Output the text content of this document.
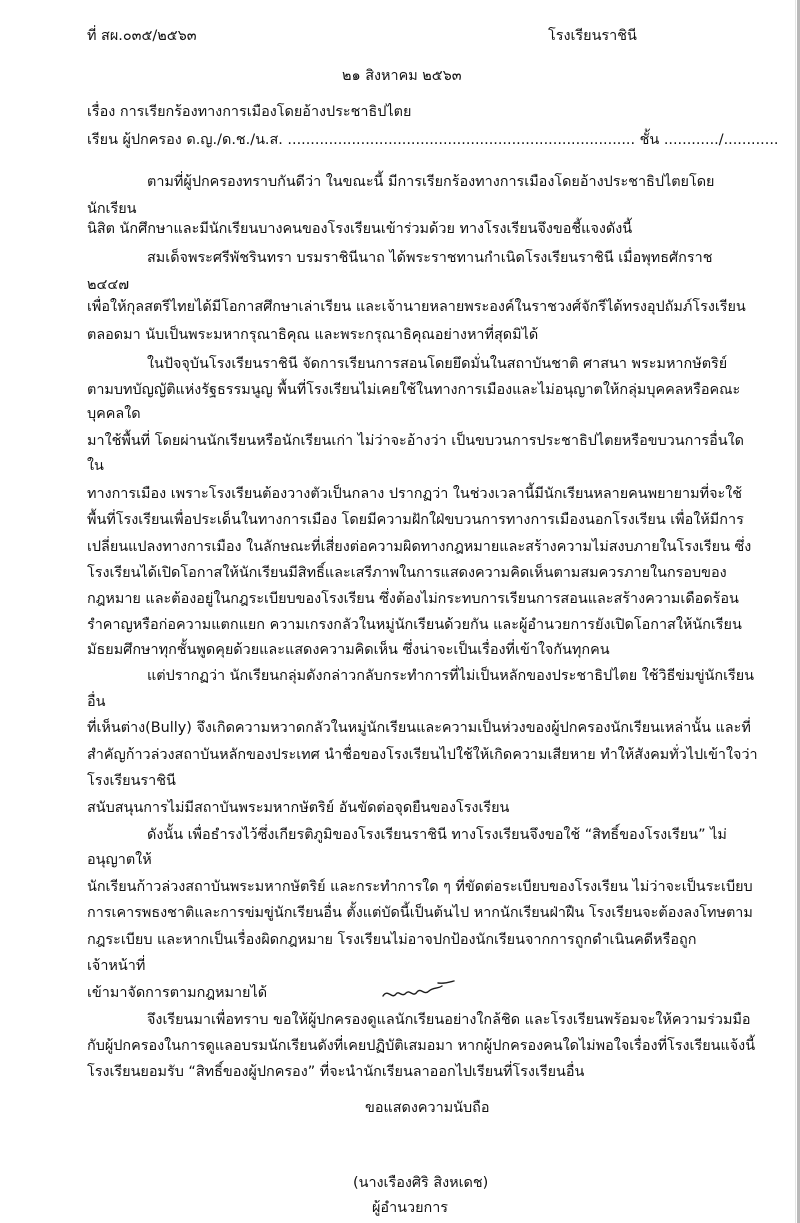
ที่ สผ.๐๓๕/๒๕๖๓	โรงเรียนราชินี
๒๑ สิงหาคม ๒๕๖๓
เรื่อง การเรียกร้องทางการเมืองโดยอ้างประชาธิปไตย
เรียน ผู้ปกครอง ด.ญ./ด.ช./น.ส. ............................................................................ ชั้น ............/............
ตามที่ผู้ปกครองทราบกันดีว่า ในขณะนี้ มีการเรียกร้องทางการเมืองโดยอ้างประชาธิปไตยโดย
นักเรียน
นิสิต นักศึกษาและมีนักเรียนบางคนของโรงเรียนเข้าร่วมด้วย ทางโรงเรียนจึงขอชี้แจงดังนี้
สมเด็จพระศรีพัชรินทรา บรมราชินีนาถ ได้พระราชทานกำเนิดโรงเรียนราชินี เมื่อพุทธศักราช
๒๔๔๗
เพื่อให้กุลสตรีไทยได้มีโอกาสศึกษาเล่าเรียน และเจ้านายหลายพระองค์ในราชวงศ์จักรีได้ทรงอุปถัมภ์โรงเรียน
ตลอดมา นับเป็นพระมหากรุณาธิคุณ และพระกรุณาธิคุณอย่างหาที่สุดมิได้
ในปัจจุบันโรงเรียนราชินี จัดการเรียนการสอนโดยยึดมั่นในสถาบันชาติ ศาสนา พระมหากษัตริย์
ตามบทบัญญัติแห่งรัฐธรรมนูญ พื้นที่โรงเรียนไม่เคยใช้ในทางการเมืองและไม่อนุญาตให้กลุ่มบุคคลหรือคณะ
บุคคลใด
มาใช้พื้นที่ โดยผ่านนักเรียนหรือนักเรียนเก่า ไม่ว่าจะอ้างว่า เป็นขบวนการประชาธิปไตยหรือขบวนการอื่นใด
ใน
ทางการเมือง เพราะโรงเรียนต้องวางตัวเป็นกลาง ปรากฏว่า ในช่วงเวลานี้มีนักเรียนหลายคนพยายามที่จะใช้
พื้นที่โรงเรียนเพื่อประเด็นในทางการเมือง โดยมีความฝักใฝ่ขบวนการทางการเมืองนอกโรงเรียน เพื่อให้มีการ
เปลี่ยนแปลงทางการเมือง ในลักษณะที่เสี่ยงต่อความผิดทางกฎหมายและสร้างความไม่สงบภายในโรงเรียน ซึ่ง
โรงเรียนได้เปิดโอกาสให้นักเรียนมีสิทธิ์และเสรีภาพในการแสดงความคิดเห็นตามสมควรภายในกรอบของ
กฎหมาย และต้องอยู่ในกฎระเบียบของโรงเรียน ซึ่งต้องไม่กระทบการเรียนการสอนและสร้างความเดือดร้อน
รำคาญหรือก่อความแตกแยก ความเกรงกลัวในหมู่นักเรียนด้วยกัน และผู้อำนวยการยังเปิดโอกาสให้นักเรียน
มัธยมศึกษาทุกชั้นพูดคุยด้วยและแสดงความคิดเห็น ซึ่งน่าจะเป็นเรื่องที่เข้าใจกันทุกคน
แต่ปรากฏว่า นักเรียนกลุ่มดังกล่าวกลับกระทำการที่ไม่เป็นหลักของประชาธิปไตย ใช้วิธีข่มขู่นักเรียน
อื่น
ที่เห็นต่าง(Bully) จึงเกิดความหวาดกลัวในหมู่นักเรียนและความเป็นห่วงของผู้ปกครองนักเรียนเหล่านั้น และที่
สำคัญก้าวล่วงสถาบันหลักของประเทศ นำชื่อของโรงเรียนไปใช้ให้เกิดความเสียหาย ทำให้สังคมทั่วไปเข้าใจว่า
โรงเรียนราชินี
สนับสนุนการไม่มีสถาบันพระมหากษัตริย์ อันขัดต่อจุดยืนของโรงเรียน
ดังนั้น เพื่อธำรงไว้ซึ่งเกียรติภูมิของโรงเรียนราชินี ทางโรงเรียนจึงขอใช้ “สิทธิ์ของโรงเรียน” ไม่
อนุญาตให้
นักเรียนก้าวล่วงสถาบันพระมหากษัตริย์ และกระทำการใด ๆ ที่ขัดต่อระเบียบของโรงเรียน ไม่ว่าจะเป็นระเบียบ
การเคารพธงชาติและการข่มขู่นักเรียนอื่น ตั้งแต่บัดนี้เป็นต้นไป หากนักเรียนฝ่าฝืน โรงเรียนจะต้องลงโทษตาม
กฎระเบียบ และหากเป็นเรื่องผิดกฎหมาย โรงเรียนไม่อาจปกป้องนักเรียนจากการถูกดำเนินคดีหรือถูก
เจ้าหน้าที่
เข้ามาจัดการตามกฎหมายได้
จึงเรียนมาเพื่อทราบ ขอให้ผู้ปกครองดูแลนักเรียนอย่างใกล้ชิด และโรงเรียนพร้อมจะให้ความร่วมมือ
กับผู้ปกครองในการดูแลอบรมนักเรียนดังที่เคยปฏิบัติเสมอมา หากผู้ปกครองคนใดไม่พอใจเรื่องที่โรงเรียนแจ้งนี้
โรงเรียนยอมรับ “สิทธิ์ของผู้ปกครอง” ที่จะนำนักเรียนลาออกไปเรียนที่โรงเรียนอื่น
ขอแสดงความนับถือ
(นางเรืองศิริ สิงหเดช)
ผู้อำนวยการ
